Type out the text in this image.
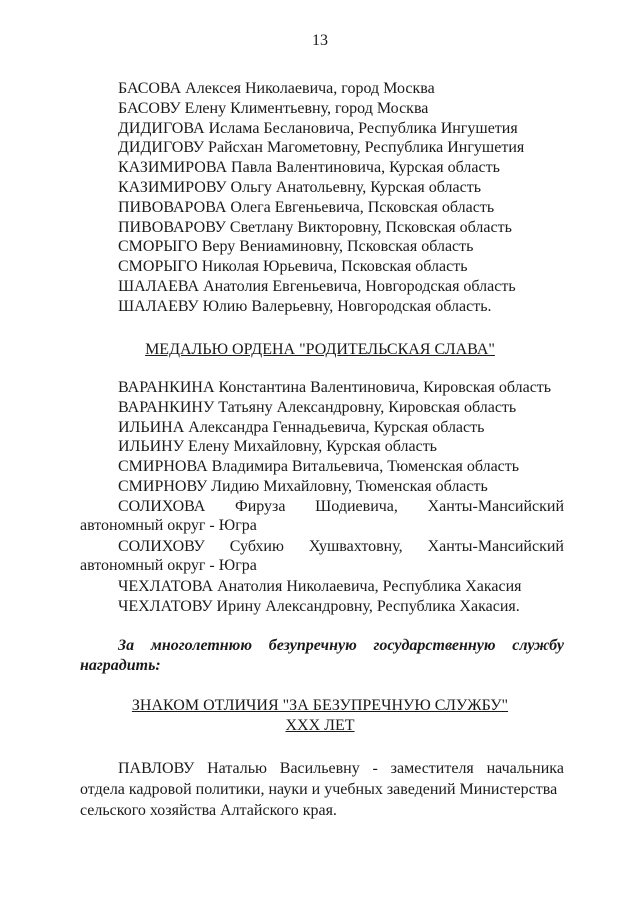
13
БАСОВА Алексея Николаевича, город Москва
БАСОВУ Елену Климентьевну, город Москва
ДИДИГОВА Ислама Беслановича, Республика Ингушетия
ДИДИГОВУ Райсхан Магометовну, Республика Ингушетия
КАЗИМИРОВА Павла Валентиновича, Курская область
КАЗИМИРОВУ Ольгу Анатольевну, Курская область
ПИВОВАРОВА Олега Евгеньевича, Псковская область
ПИВОВАРОВУ Светлану Викторовну, Псковская область
СМОРЫГО Веру Вениаминовну, Псковская область
СМОРЫГО Николая Юрьевича, Псковская область
ШАЛАЕВА Анатолия Евгеньевича, Новгородская область
ШАЛАЕВУ Юлию Валерьевну, Новгородская область.
МЕДАЛЬЮ ОРДЕНА "РОДИТЕЛЬСКАЯ СЛАВА"
ВАРАНКИНА Константина Валентиновича, Кировская область
ВАРАНКИНУ Татьяну Александровну, Кировская область
ИЛЬИНА Александра Геннадьевича, Курская область
ИЛЬИНУ Елену Михайловну, Курская область
СМИРНОВА Владимира Витальевича, Тюменская область
СМИРНОВУ Лидию Михайловну, Тюменская область
СОЛИХОВА Фируза Шодиевича, Ханты-Мансийский
автономный округ - Югра
СОЛИХОВУ Субхию Хушвахтовну, Ханты-Мансийский
автономный округ - Югра
ЧЕХЛАТОВА Анатолия Николаевича, Республика Хакасия
ЧЕХЛАТОВУ Ирину Александровну, Республика Хакасия.
За многолетнюю безупречную государственную службу
наградить:
ЗНАКОМ ОТЛИЧИЯ "ЗА БЕЗУПРЕЧНУЮ СЛУЖБУ"
XXX ЛЕТ
ПАВЛОВУ Наталью Васильевну - заместителя начальника
отдела кадровой политики, науки и учебных заведений Министерства
сельского хозяйства Алтайского края.
